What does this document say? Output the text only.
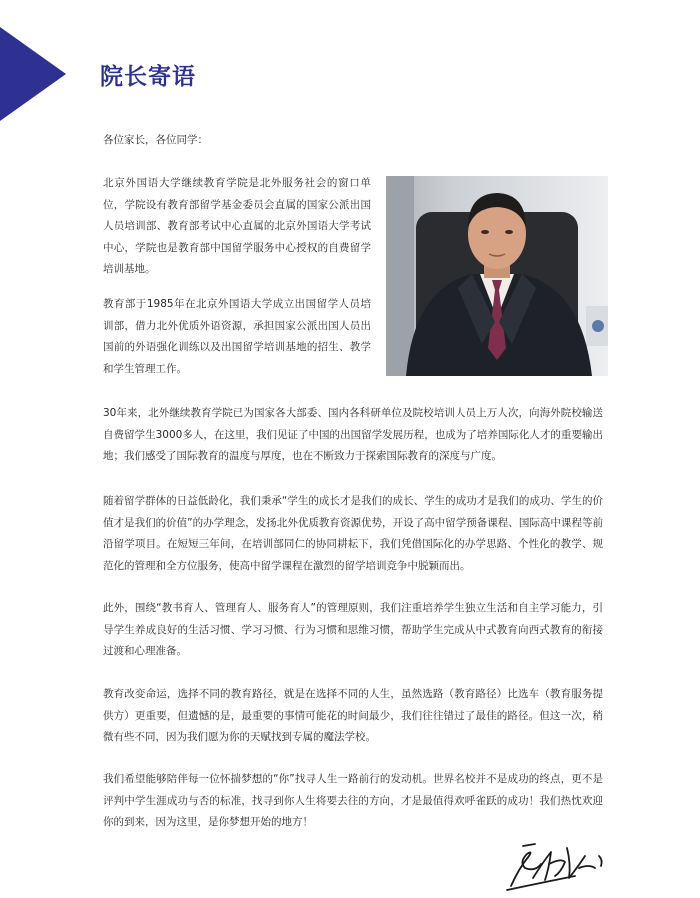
院长寄语
各位家长，各位同学：

北京外国语大学继续教育学院是北外服务社会的窗口单位，学院设有教育部留学基金委员会直属的国家公派出国人员培训部、教育部考试中心直属的北京外国语大学考试中心，学院也是教育部中国留学服务中心授权的自费留学培训基地。

教育部于1985年在北京外国语大学成立出国留学人员培训部，借力北外优质外语资源，承担国家公派出国人员出国前的外语强化训练以及出国留学培训基地的招生、教学和学生管理工作。

30年来，北外继续教育学院已为国家各大部委、国内各科研单位及院校培训人员上万人次，向海外院校输送自费留学生3000多人，在这里，我们见证了中国的出国留学发展历程，也成为了培养国际化人才的重要输出地；我们感受了国际教育的温度与厚度，也在不断致力于探索国际教育的深度与广度。

随着留学群体的日益低龄化，我们秉承“学生的成长才是我们的成长、学生的成功才是我们的成功、学生的价值才是我们的价值”的办学理念，发扬北外优质教育资源优势，开设了高中留学预备课程、国际高中课程等前沿留学项目。在短短三年间，在培训部同仁的协同耕耘下，我们凭借国际化的办学思路、个性化的教学、规范化的管理和全方位服务，使高中留学课程在激烈的留学培训竞争中脱颖而出。

此外，围绕“教书育人、管理育人、服务育人”的管理原则，我们注重培养学生独立生活和自主学习能力，引导学生养成良好的生活习惯、学习习惯、行为习惯和思维习惯，帮助学生完成从中式教育向西式教育的衔接过渡和心理准备。

教育改变命运，选择不同的教育路径，就是在选择不同的人生，虽然选路（教育路径）比选车（教育服务提供方）更重要，但遗憾的是，最重要的事情可能花的时间最少，我们往往错过了最佳的路径。但这一次，稍微有些不同，因为我们愿为你的天赋找到专属的魔法学校。

我们希望能够陪伴每一位怀揣梦想的“你”找寻人生一路前行的发动机。世界名校并不是成功的终点，更不是评判中学生涯成功与否的标准，找寻到你人生将要去往的方向，才是最值得欢呼雀跃的成功！我们热忱欢迎你的到来，因为这里，是你梦想开始的地方！
